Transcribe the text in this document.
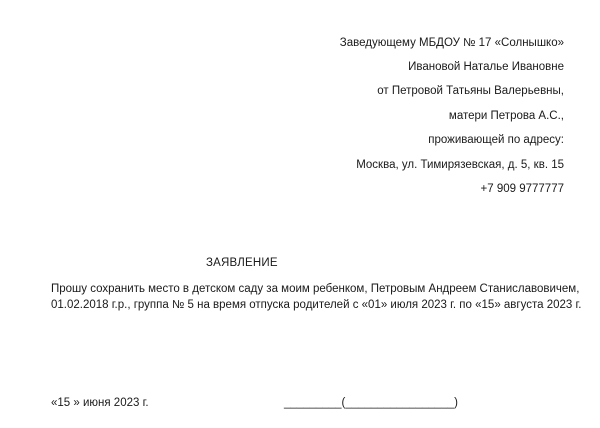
Заведующему МБДОУ № 17 «Солнышко»
Ивановой Наталье Ивановне
от Петровой Татьяны Валерьевны,
матери Петрова А.С.,
проживающей по адресу:
Москва, ул. Тимирязевская, д. 5, кв. 15
+7 909 9777777
ЗАЯВЛЕНИЕ
Прошу сохранить место в детском саду за моим ребенком, Петровым Андреем Станиславовичем,
01.02.2018 г.р., группа № 5 на время отпуска родителей с «01» июля 2023 г. по «15» августа 2023 г.
«15 » июня 2023 г.	_________(_________________)
